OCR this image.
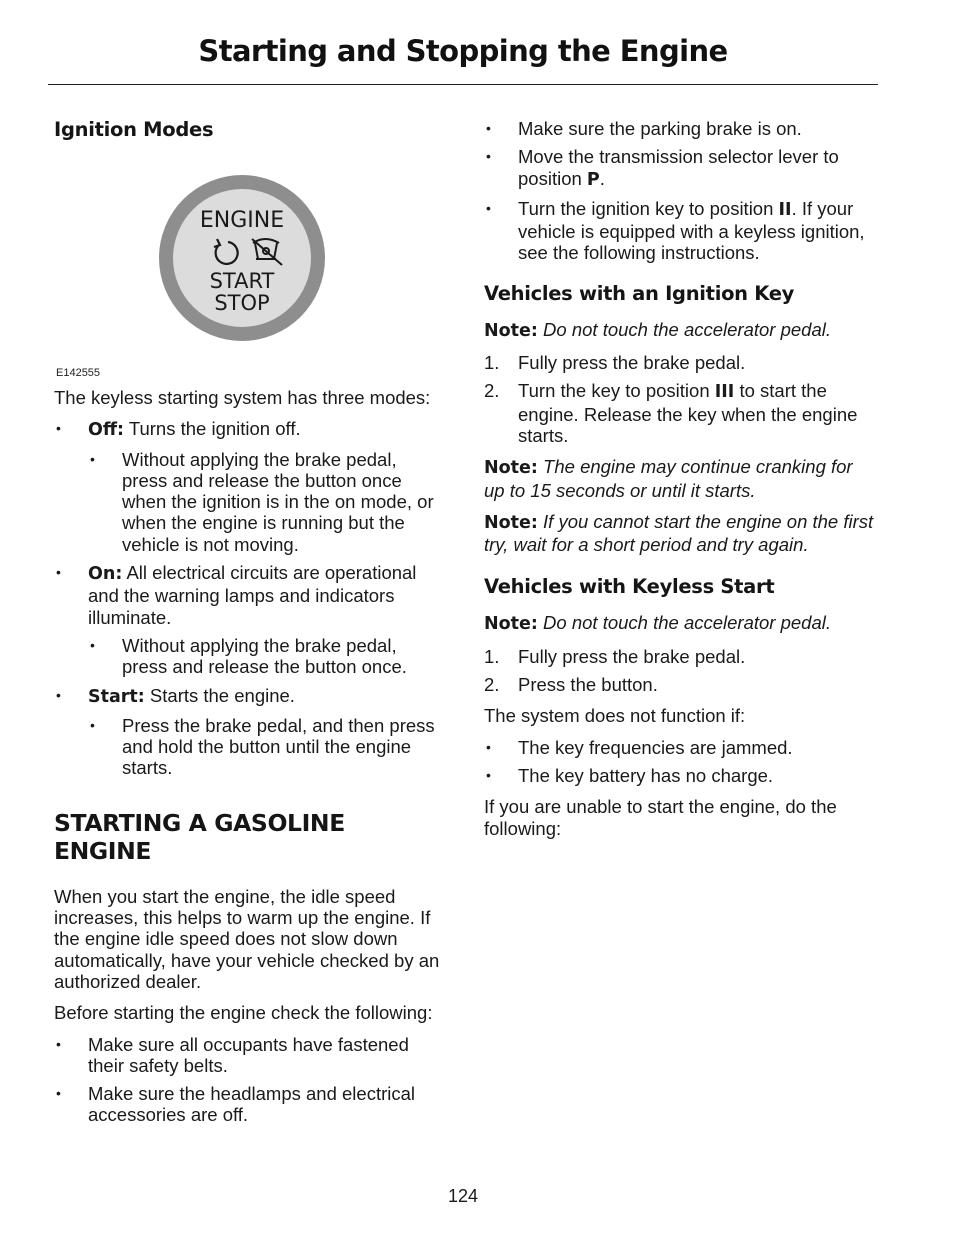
Starting and Stopping the Engine
Ignition Modes
ENGINE
START
STOP
E142555

The keyless starting system has three modes:

• Off: Turns the ignition off.
• Without applying the brake pedal, press and release the button once when the ignition is in the on mode, or when the engine is running but the vehicle is not moving.
• On: All electrical circuits are operational and the warning lamps and indicators illuminate.
• Without applying the brake pedal, press and release the button once.
• Start: Starts the engine.
• Press the brake pedal, and then press and hold the button until the engine starts.
STARTING A GASOLINE ENGINE

When you start the engine, the idle speed increases, this helps to warm up the engine. If the engine idle speed does not slow down automatically, have your vehicle checked by an authorized dealer.

Before starting the engine check the following:

• Make sure all occupants have fastened their safety belts.
• Make sure the headlamps and electrical accessories are off.
• Make sure the parking brake is on.
• Move the transmission selector lever to position P.
• Turn the ignition key to position II. If your vehicle is equipped with a keyless ignition, see the following instructions.
Vehicles with an Ignition Key

Note: Do not touch the accelerator pedal.

1. Fully press the brake pedal.
2. Turn the key to position III to start the engine. Release the key when the engine starts.

Note: The engine may continue cranking for up to 15 seconds or until it starts.

Note: If you cannot start the engine on the first try, wait for a short period and try again.

Vehicles with Keyless Start

Note: Do not touch the accelerator pedal.

1. Fully press the brake pedal.
2. Press the button.

The system does not function if:

• The key frequencies are jammed.
• The key battery has no charge.

If you are unable to start the engine, do the following:

124
